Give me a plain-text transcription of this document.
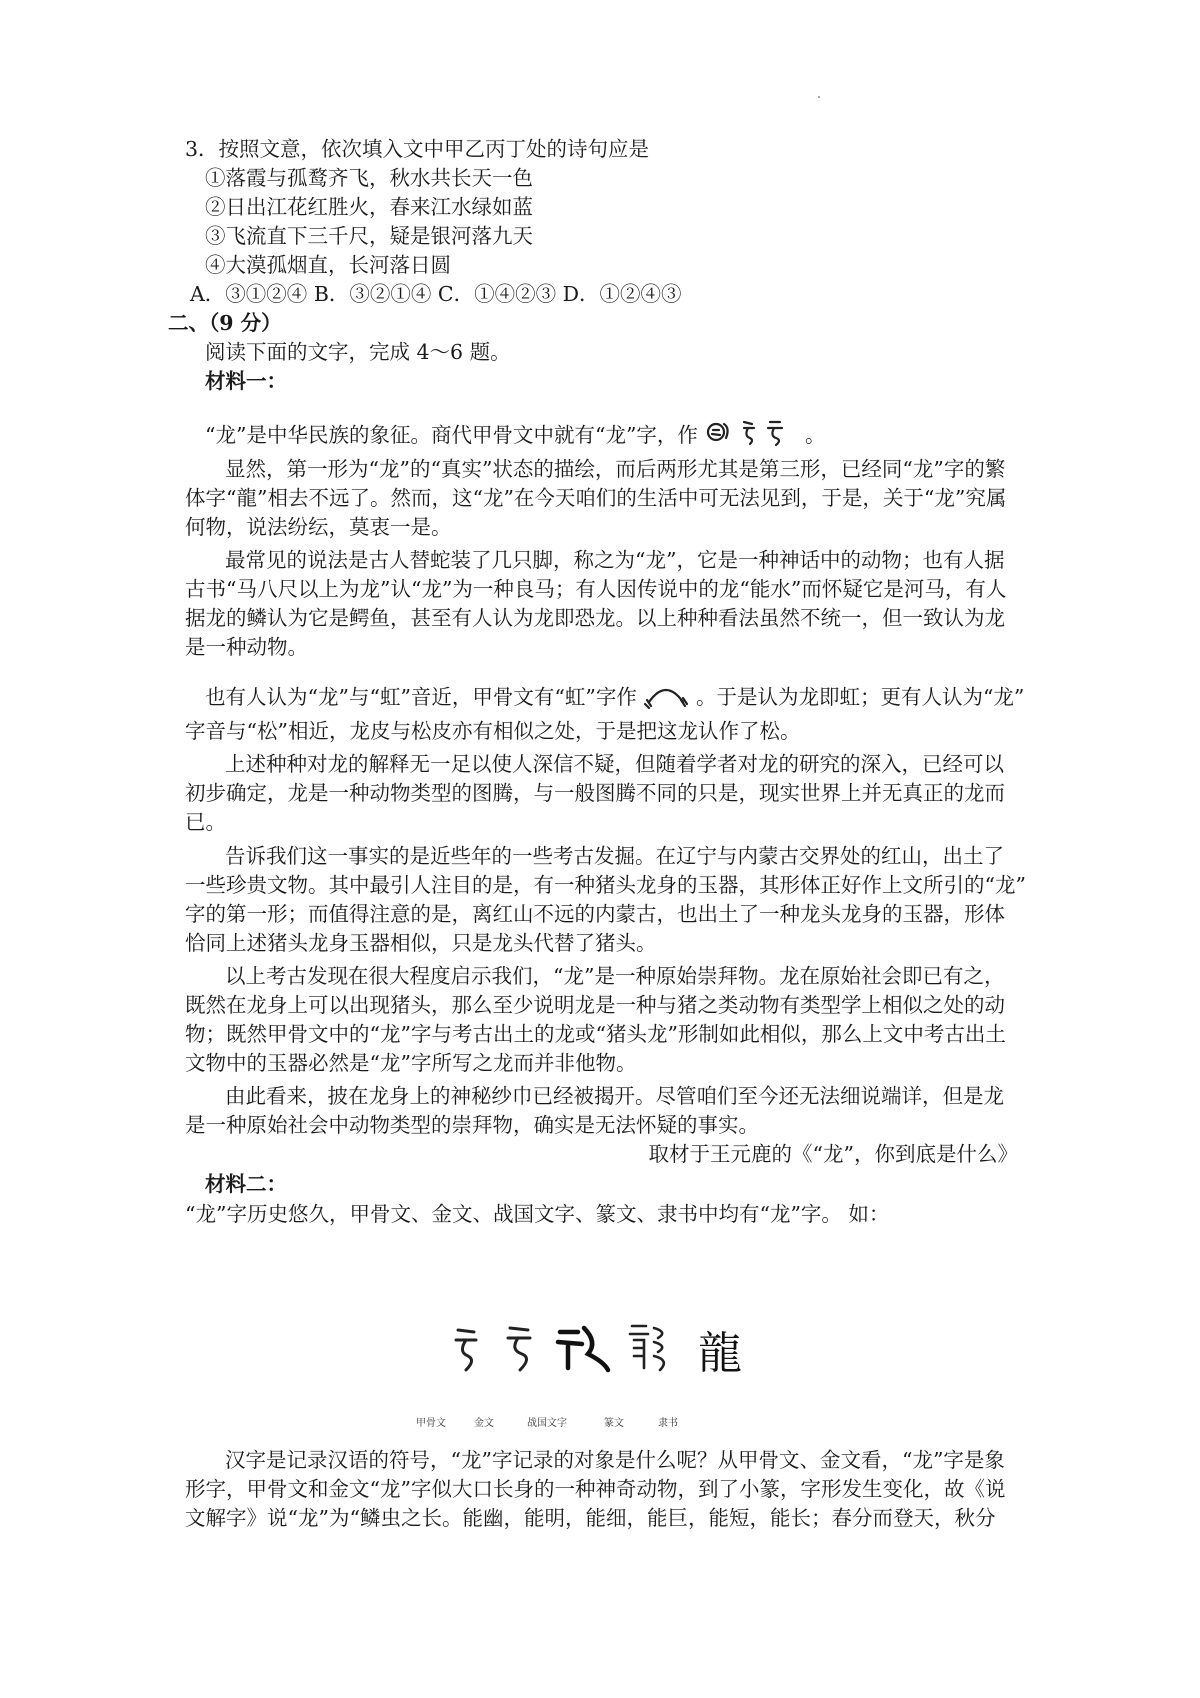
3．按照文意，依次填入文中甲乙丙丁处的诗句应是
①落霞与孤鹜齐飞，秋水共长天一色
②日出江花红胜火，春来江水绿如蓝
③飞流直下三千尺，疑是银河落九天
④大漠孤烟直，长河落日圆
A．③①②④ B．③②①④ C．①④②③ D．①②④③
二、（9 分）
阅读下面的文字，完成 4～6 题。
材料一：
“龙”是中华民族的象征。商代甲骨文中就有“龙”字，作	。
显然，第一形为“龙”的“真实”状态的描绘，而后两形尤其是第三形，已经同“龙”字的繁
体字“龍”相去不远了。然而，这“龙”在今天咱们的生活中可无法见到，于是，关于“龙”究属
何物，说法纷纭，莫衷一是。
最常见的说法是古人替蛇装了几只脚，称之为“龙”，它是一种神话中的动物；也有人据
古书“马八尺以上为龙”认“龙”为一种良马；有人因传说中的龙“能水”而怀疑它是河马，有人
据龙的鳞认为它是鳄鱼，甚至有人认为龙即恐龙。以上种种看法虽然不统一，但一致认为龙
是一种动物。
也有人认为“龙”与“虹”音近，甲骨文有“虹”字作	。于是认为龙即虹；更有人认为“龙”
字音与“松”相近，龙皮与松皮亦有相似之处，于是把这龙认作了松。
上述种种对龙的解释无一足以使人深信不疑，但随着学者对龙的研究的深入，已经可以
初步确定，龙是一种动物类型的图腾，与一般图腾不同的只是，现实世界上并无真正的龙而
已。
告诉我们这一事实的是近些年的一些考古发掘。在辽宁与内蒙古交界处的红山，出土了
一些珍贵文物。其中最引人注目的是，有一种猪头龙身的玉器，其形体正好作上文所引的“龙”
字的第一形；而值得注意的是，离红山不远的内蒙古，也出土了一种龙头龙身的玉器，形体
恰同上述猪头龙身玉器相似，只是龙头代替了猪头。
以上考古发现在很大程度启示我们，“龙”是一种原始崇拜物。龙在原始社会即已有之，
既然在龙身上可以出现猪头，那么至少说明龙是一种与猪之类动物有类型学上相似之处的动
物；既然甲骨文中的“龙”字与考古出土的龙或“猪头龙”形制如此相似，那么上文中考古出土
文物中的玉器必然是“龙”字所写之龙而并非他物。
由此看来，披在龙身上的神秘纱巾已经被揭开。尽管咱们至今还无法细说端详，但是龙
是一种原始社会中动物类型的崇拜物，确实是无法怀疑的事实。
取材于王元鹿的《“龙”，你到底是什么》
材料二：
“龙”字历史悠久，甲骨文、金文、战国文字、篆文、隶书中均有“龙”字。 如：
龍
甲骨文	金文	战国文字	篆文	隶书
汉字是记录汉语的符号，“龙”字记录的对象是什么呢？从甲骨文、金文看，“龙”字是象
形字，甲骨文和金文“龙”字似大口长身的一种神奇动物，到了小篆，字形发生变化，故《说
文解字》说“龙”为“鳞虫之长。能幽，能明，能细，能巨，能短，能长；春分而登天，秋分
